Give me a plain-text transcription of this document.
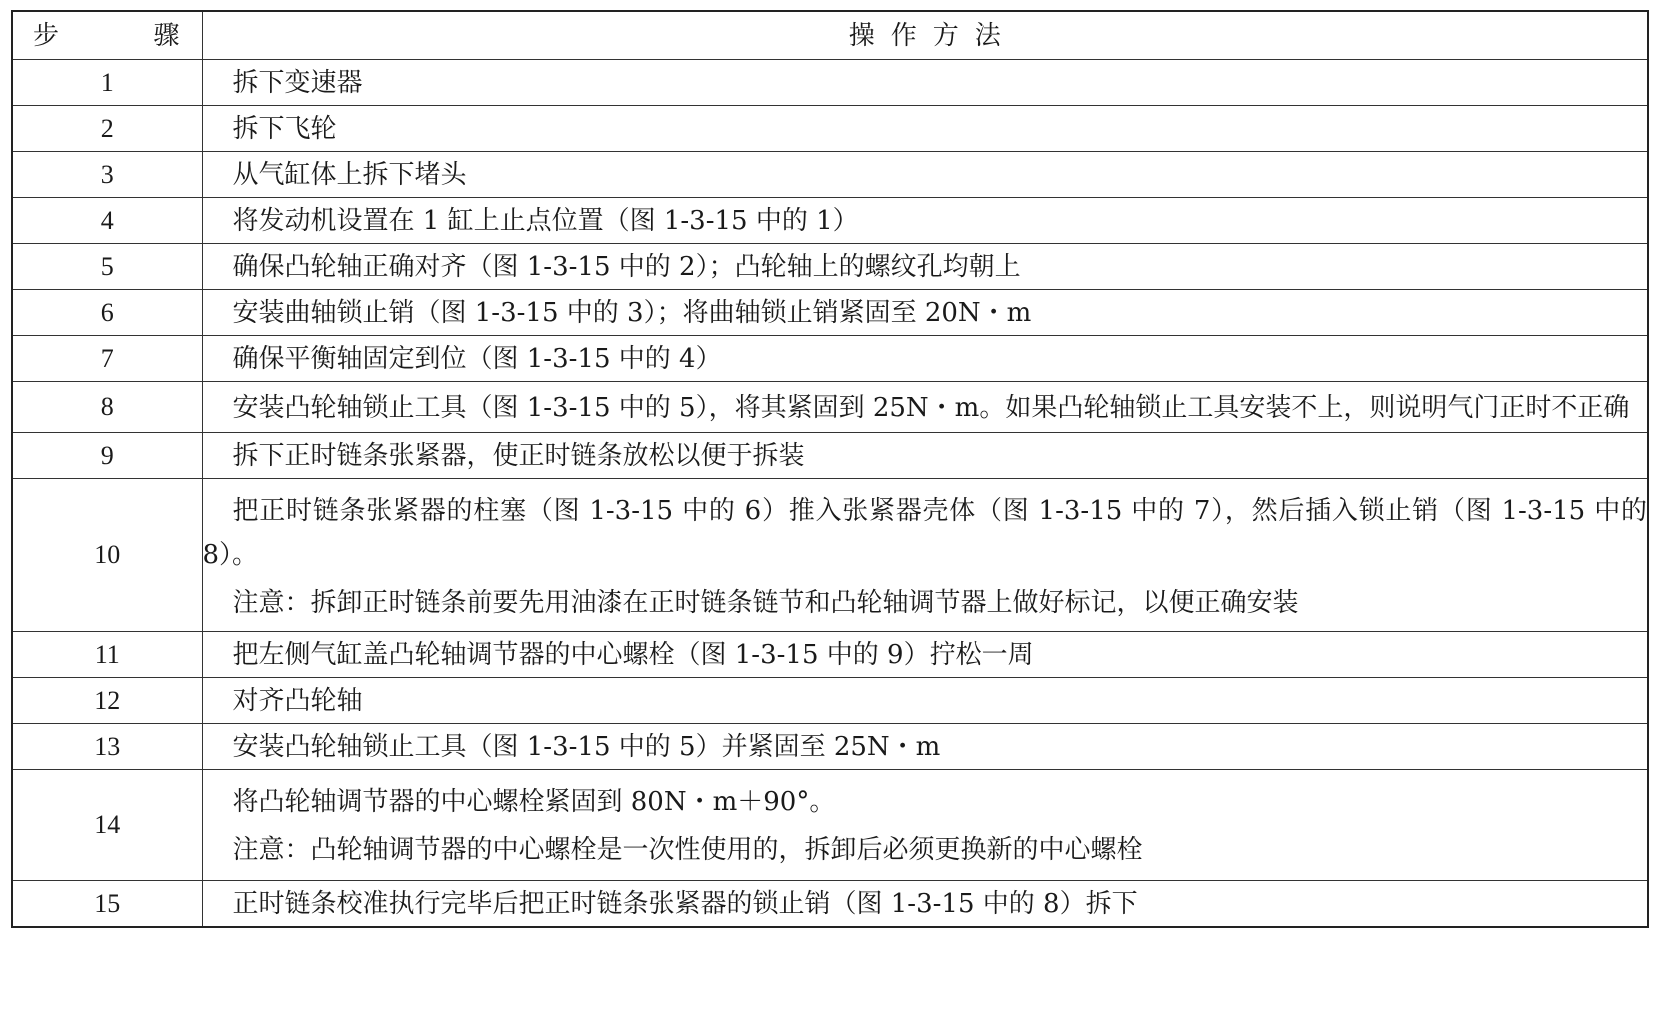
步 骤	操作方法
1	拆下变速器

2	拆下飞轮

3	从气缸体上拆下堵头

4	将发动机设置在 1 缸上止点位置（图 1-3-15 中的 1）

5	确保凸轮轴正确对齐（图 1-3-15 中的 2）；凸轮轴上的螺纹孔均朝上

6	安装曲轴锁止销（图 1-3-15 中的 3）；将曲轴锁止销紧固至 20N・m

7	确保平衡轴固定到位（图 1-3-15 中的 4）

8	安装凸轮轴锁止工具（图 1-3-15 中的 5），将其紧固到 25N・m。如果凸轮轴锁止工具安装不上，则说明气门正时不正确

9	拆下正时链条张紧器，使正时链条放松以便于拆装

10	把正时链条张紧器的柱塞（图 1-3-15 中的 6）推入张紧器壳体（图 1-3-15 中的 7），然后插入锁止销（图 1-3-15 中的 8）。

注意：拆卸正时链条前要先用油漆在正时链条链节和凸轮轴调节器上做好标记，以便正确安装

11	把左侧气缸盖凸轮轴调节器的中心螺栓（图 1-3-15 中的 9）拧松一周

12	对齐凸轮轴

13	安装凸轮轴锁止工具（图 1-3-15 中的 5）并紧固至 25N・m

14	将凸轮轴调节器的中心螺栓紧固到 80N・m＋90°。

注意：凸轮轴调节器的中心螺栓是一次性使用的，拆卸后必须更换新的中心螺栓

15	正时链条校准执行完毕后把正时链条张紧器的锁止销（图 1-3-15 中的 8）拆下
